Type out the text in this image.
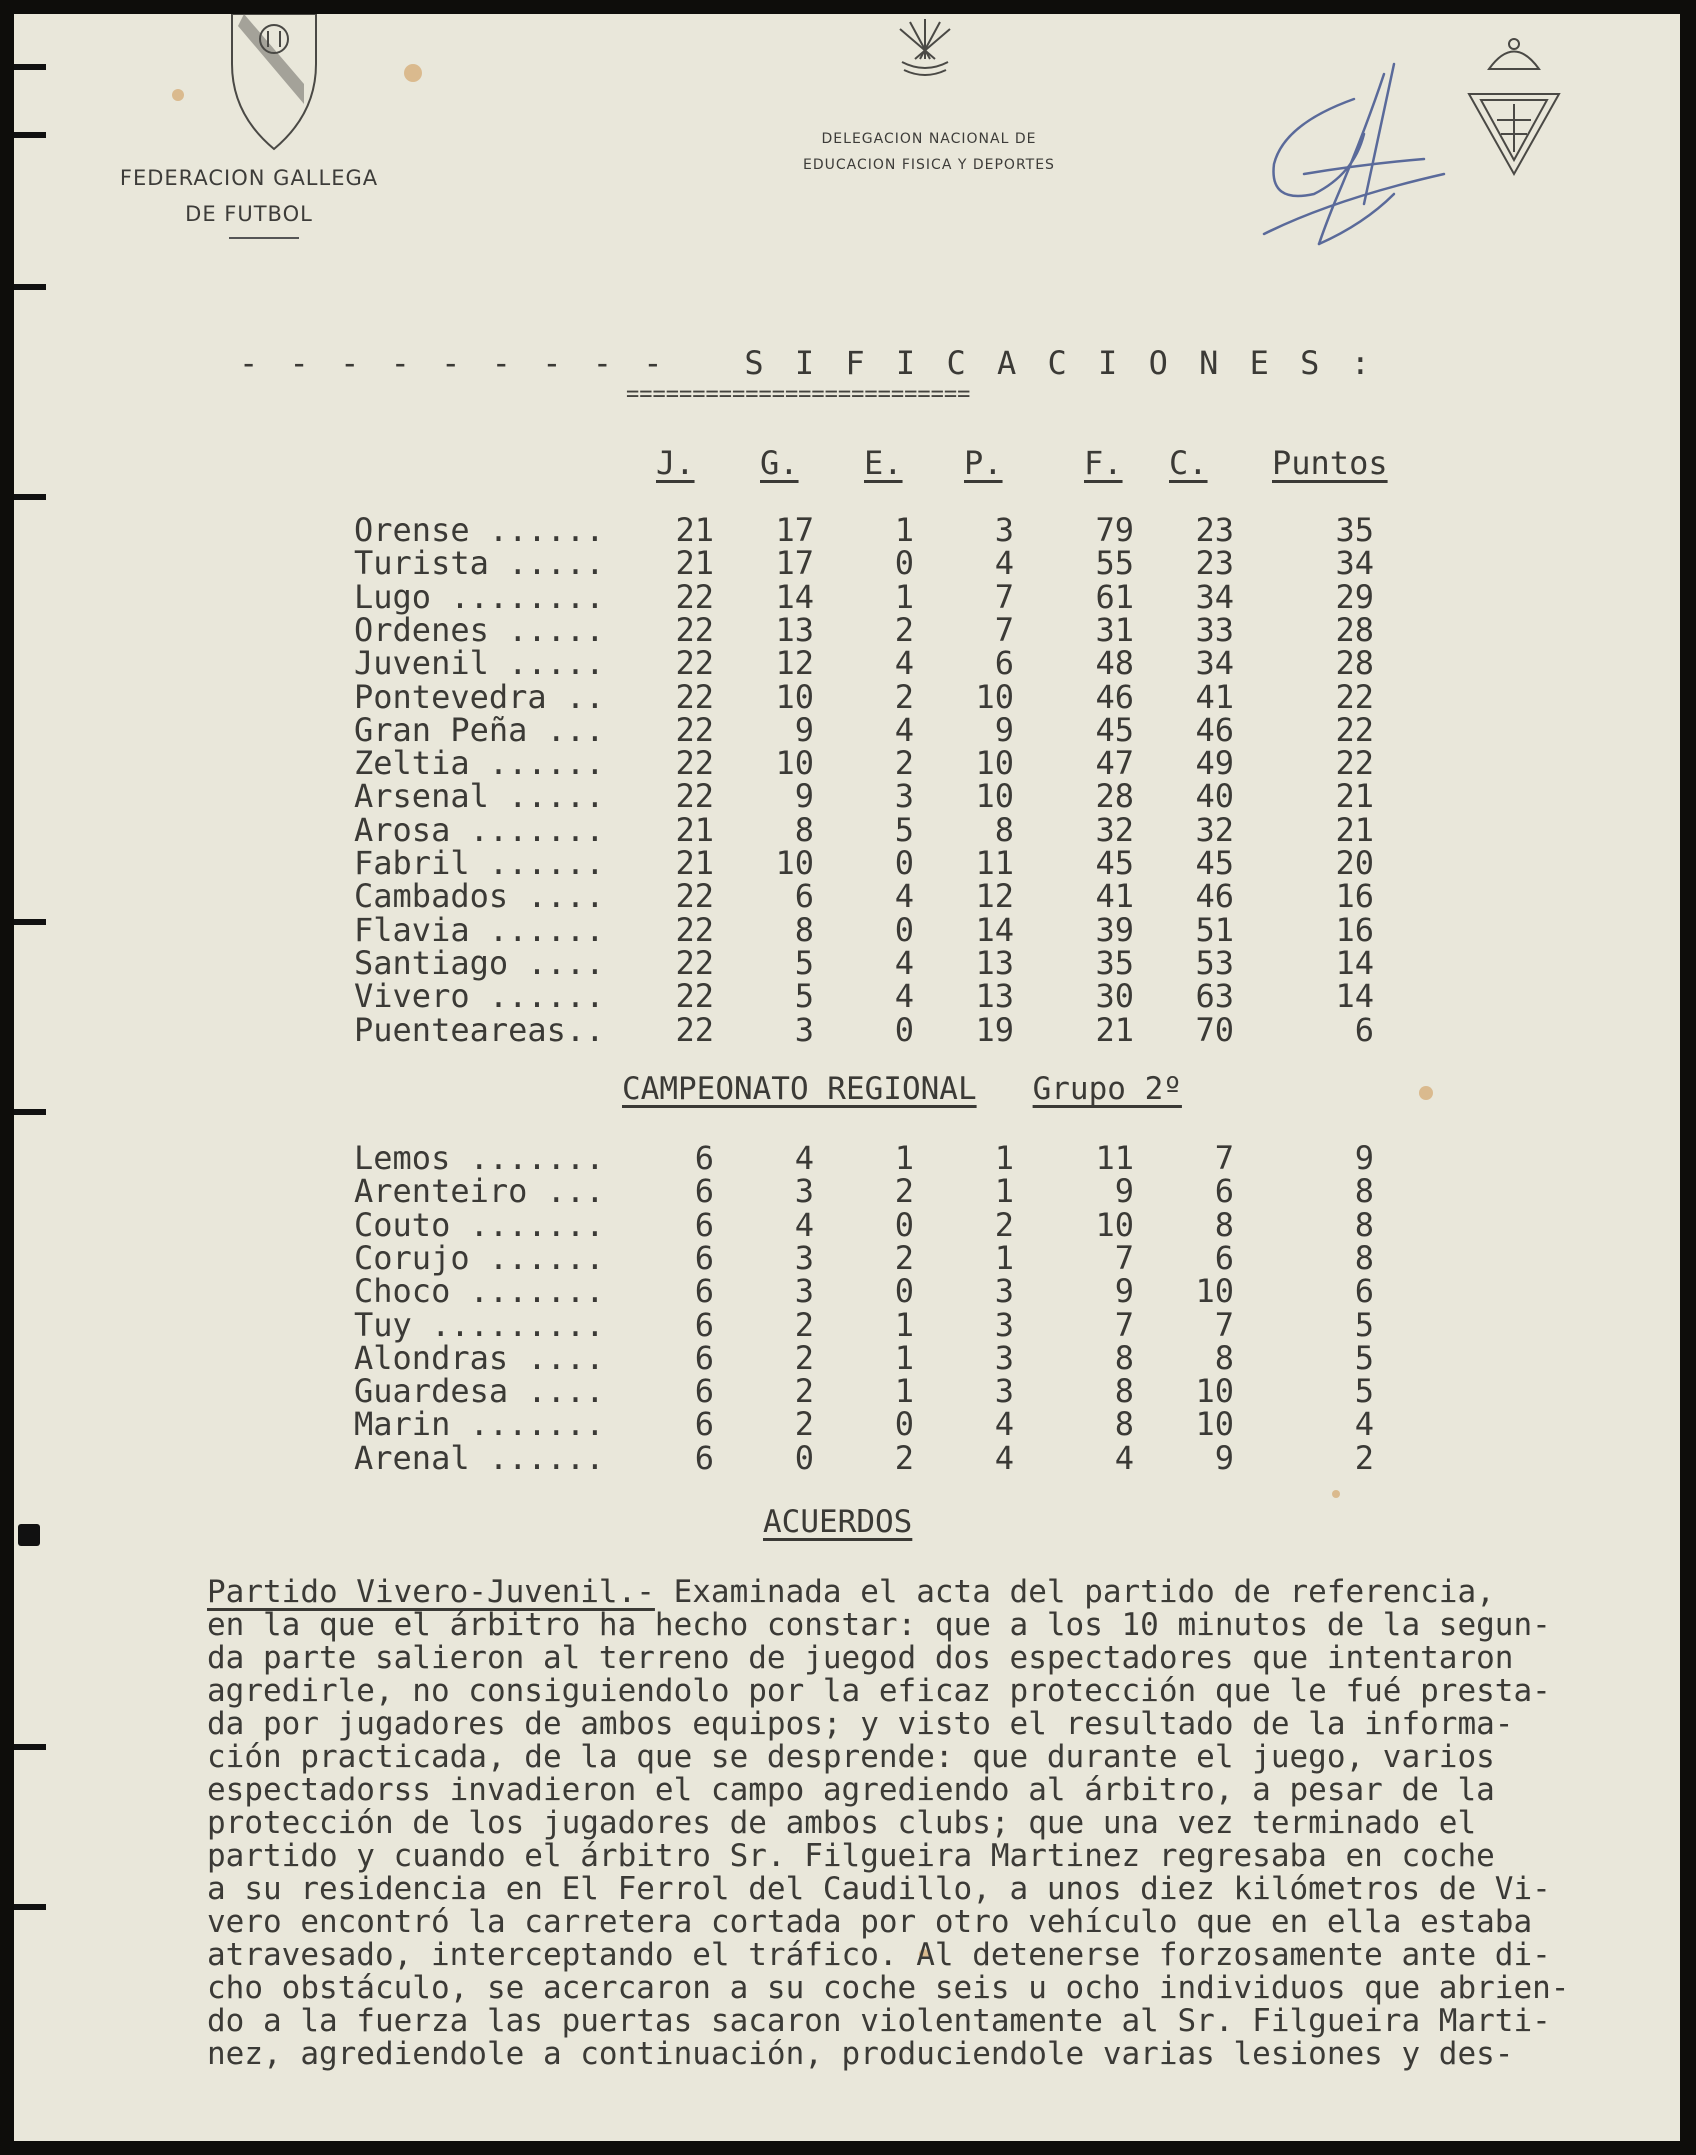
FEDERACION GALLEGA
DE FUTBOL
DELEGACION NACIONAL DE
EDUCACION FISICA Y DEPORTES
- - - - - - - - -   S I F I C A C I O N E S :
==========================
J. G. E. P.	F. C. Puntos
Orense ......	21	17	1	3	79	23	35
Turista .....	21	17	0	4	55	23	34
Lugo ........	22	14	1	7	61	34	29
Ordenes .....	22	13	2	7	31	33	28
Juvenil .....	22	12	4	6	48	34	28
Pontevedra ..	22	10	2	10	46	41	22
Gran Peña ...	22	9	4	9	45	46	22
Zeltia ......	22	10	2	10	47	49	22
Arsenal .....	22	9	3	10	28	40	21
Arosa .......	21	8	5	8	32	32	21
Fabril ......	21	10	0	11	45	45	20
Cambados ....	22	6	4	12	41	46	16
Flavia ......	22	8	0	14	39	51	16
Santiago ....	22	5	4	13	35	53	14
Vivero ......	22	5	4	13	30	63	14
Puenteareas..	22	3	0	19	21	70	6
CAMPEONATO REGIONAL Grupo 2º
Lemos .......	6	4	1	1	11	7	9
Arenteiro ...	6	3	2	1	9	6	8
Couto .......	6	4	0	2	10	8	8
Corujo ......	6	3	2	1	7	6	8
Choco .......	6	3	0	3	9	10	6
Tuy .........	6	2	1	3	7	7	5
Alondras ....	6	2	1	3	8	8	5
Guardesa ....	6	2	1	3	8	10	5
Marin .......	6	2	0	4	8	10	4
Arenal ......	6	0	2	4	4	9	2
ACUERDOS
Partido Vivero-Juvenil.- Examinada el acta del partido de referencia,
en la que el árbitro ha hecho constar: que a los 10 minutos de la segun-
da parte salieron al terreno de juegod dos espectadores que intentaron
agredirle, no consiguiendolo por la eficaz protección que le fué presta-
da por jugadores de ambos equipos; y visto el resultado de la informa-
ción practicada, de la que se desprende: que durante el juego, varios
espectadorss invadieron el campo agrediendo al árbitro, a pesar de la
protección de los jugadores de ambos clubs; que una vez terminado el
partido y cuando el árbitro Sr. Filgueira Martinez regresaba en coche
a su residencia en El Ferrol del Caudillo, a unos diez kilómetros de Vi-
vero encontró la carretera cortada por otro vehículo que en ella estaba
atravesado, interceptando el tráfico. Al detenerse forzosamente ante di-
cho obstáculo, se acercaron a su coche seis u ocho individuos que abrien-
do a la fuerza las puertas sacaron violentamente al Sr. Filgueira Marti-
nez, agrediendole a continuación, produciendole varias lesiones y des-
